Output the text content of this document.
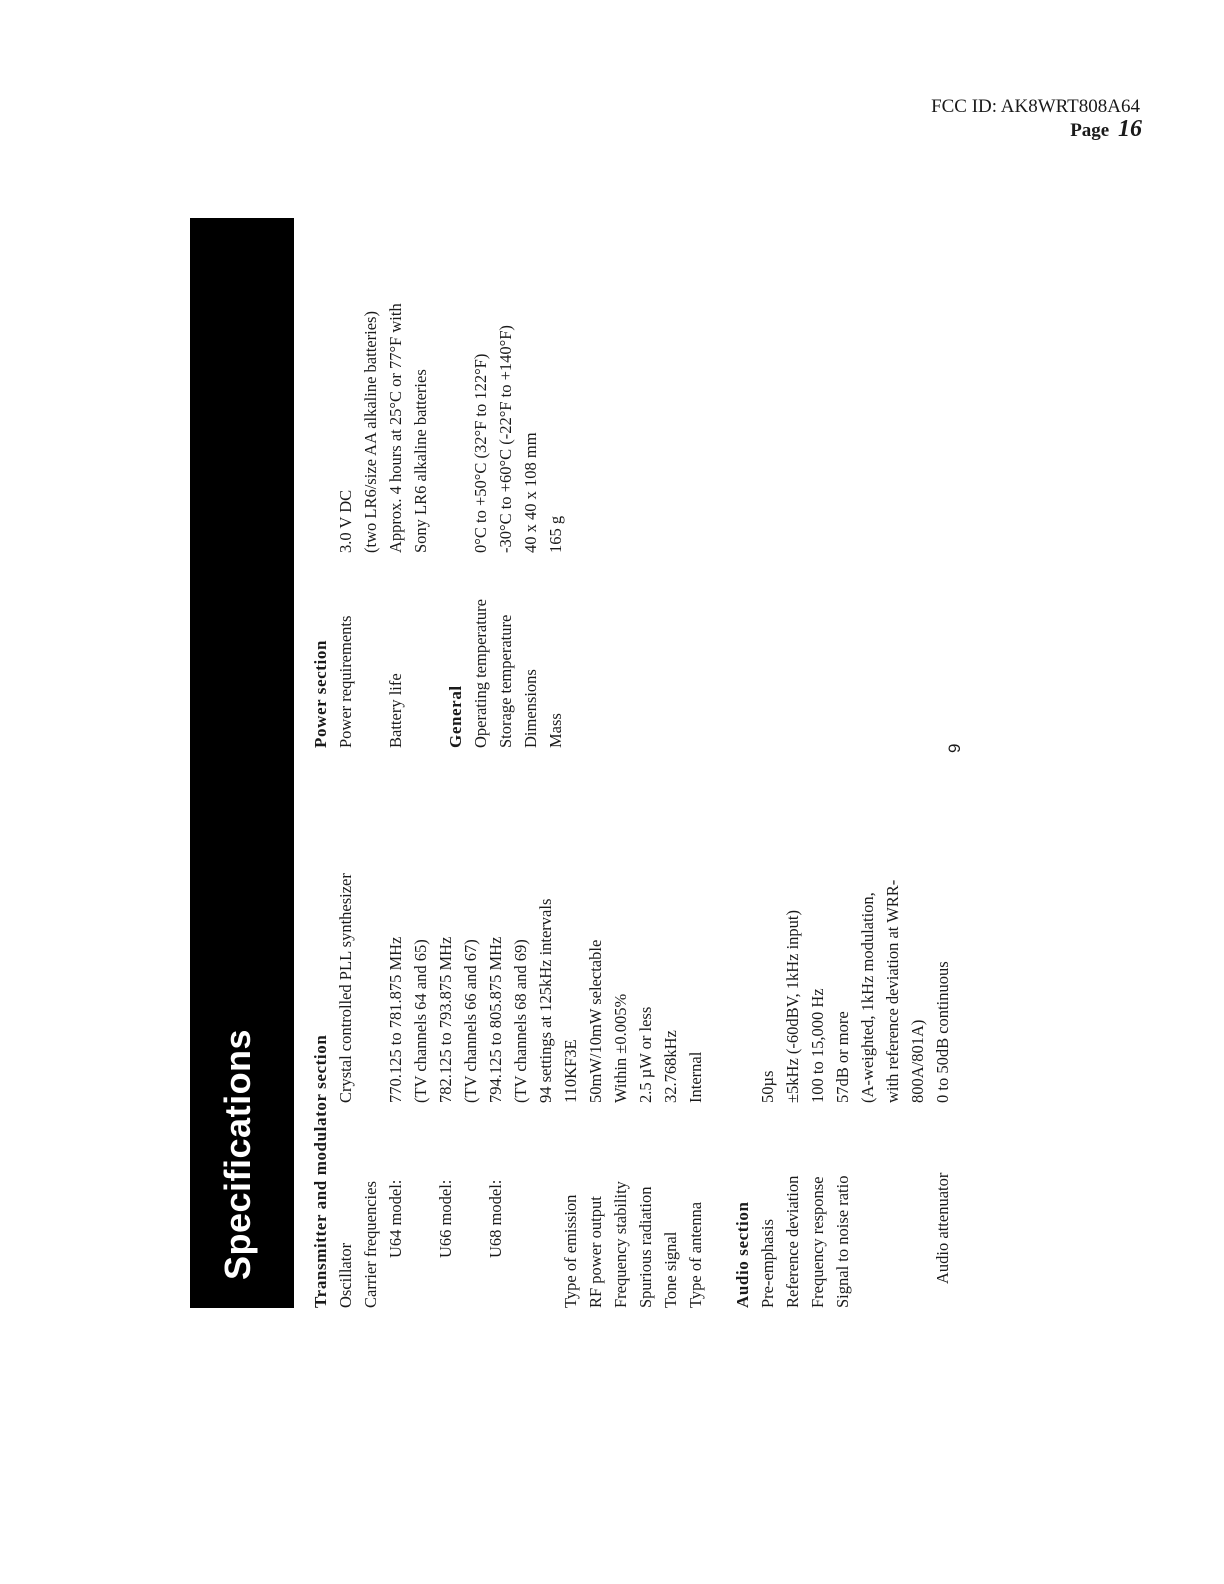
FCC ID: AK8WRT808A64
Page 16
Specifications	Transmitter and modulator section Oscillator
Crystal controlled PLL synthesizer
Carrier frequencies U64 model:
770.125 to 781.875 MHz (TV channels 64 and 65)
U66 model:
782.125 to 793.875 MHz (TV channels 66 and 67)
U68 model:
794.125 to 805.875 MHz (TV channels 68 and 69) 94 settings at 125kHz intervals
Type of emission
110KF3E
RF power output
50mW/10mW selectable
Frequency stability
Within ±0.005%
Spurious radiation
2.5 µW or less
Tone signal
32.768kHz
Type of antenna
Internal
Audio section Pre-emphasis
50µs
Reference deviation
±5kHz (-60dBV, 1kHz input)
Frequency response
100 to 15,000 Hz
Signal to noise ratio
57dB or more (A-weighted, 1kHz modulation, with reference deviation at WRR- 800A/801A)
Audio attenuator
0 to 50dB continuous
Power section Power requirements
3.0 V DC (two LR6/size AA alkaline batteries)
Battery life
Approx. 4 hours at 25°C or 77°F with Sony LR6 alkaline batteries
General Operating temperature
0°C to +50°C (32°F to 122°F)
Storage temperature
-30°C to +60°C (-22°F to +140°F)
Dimensions
40 x 40 x 108 mm
Mass
165 g
9
